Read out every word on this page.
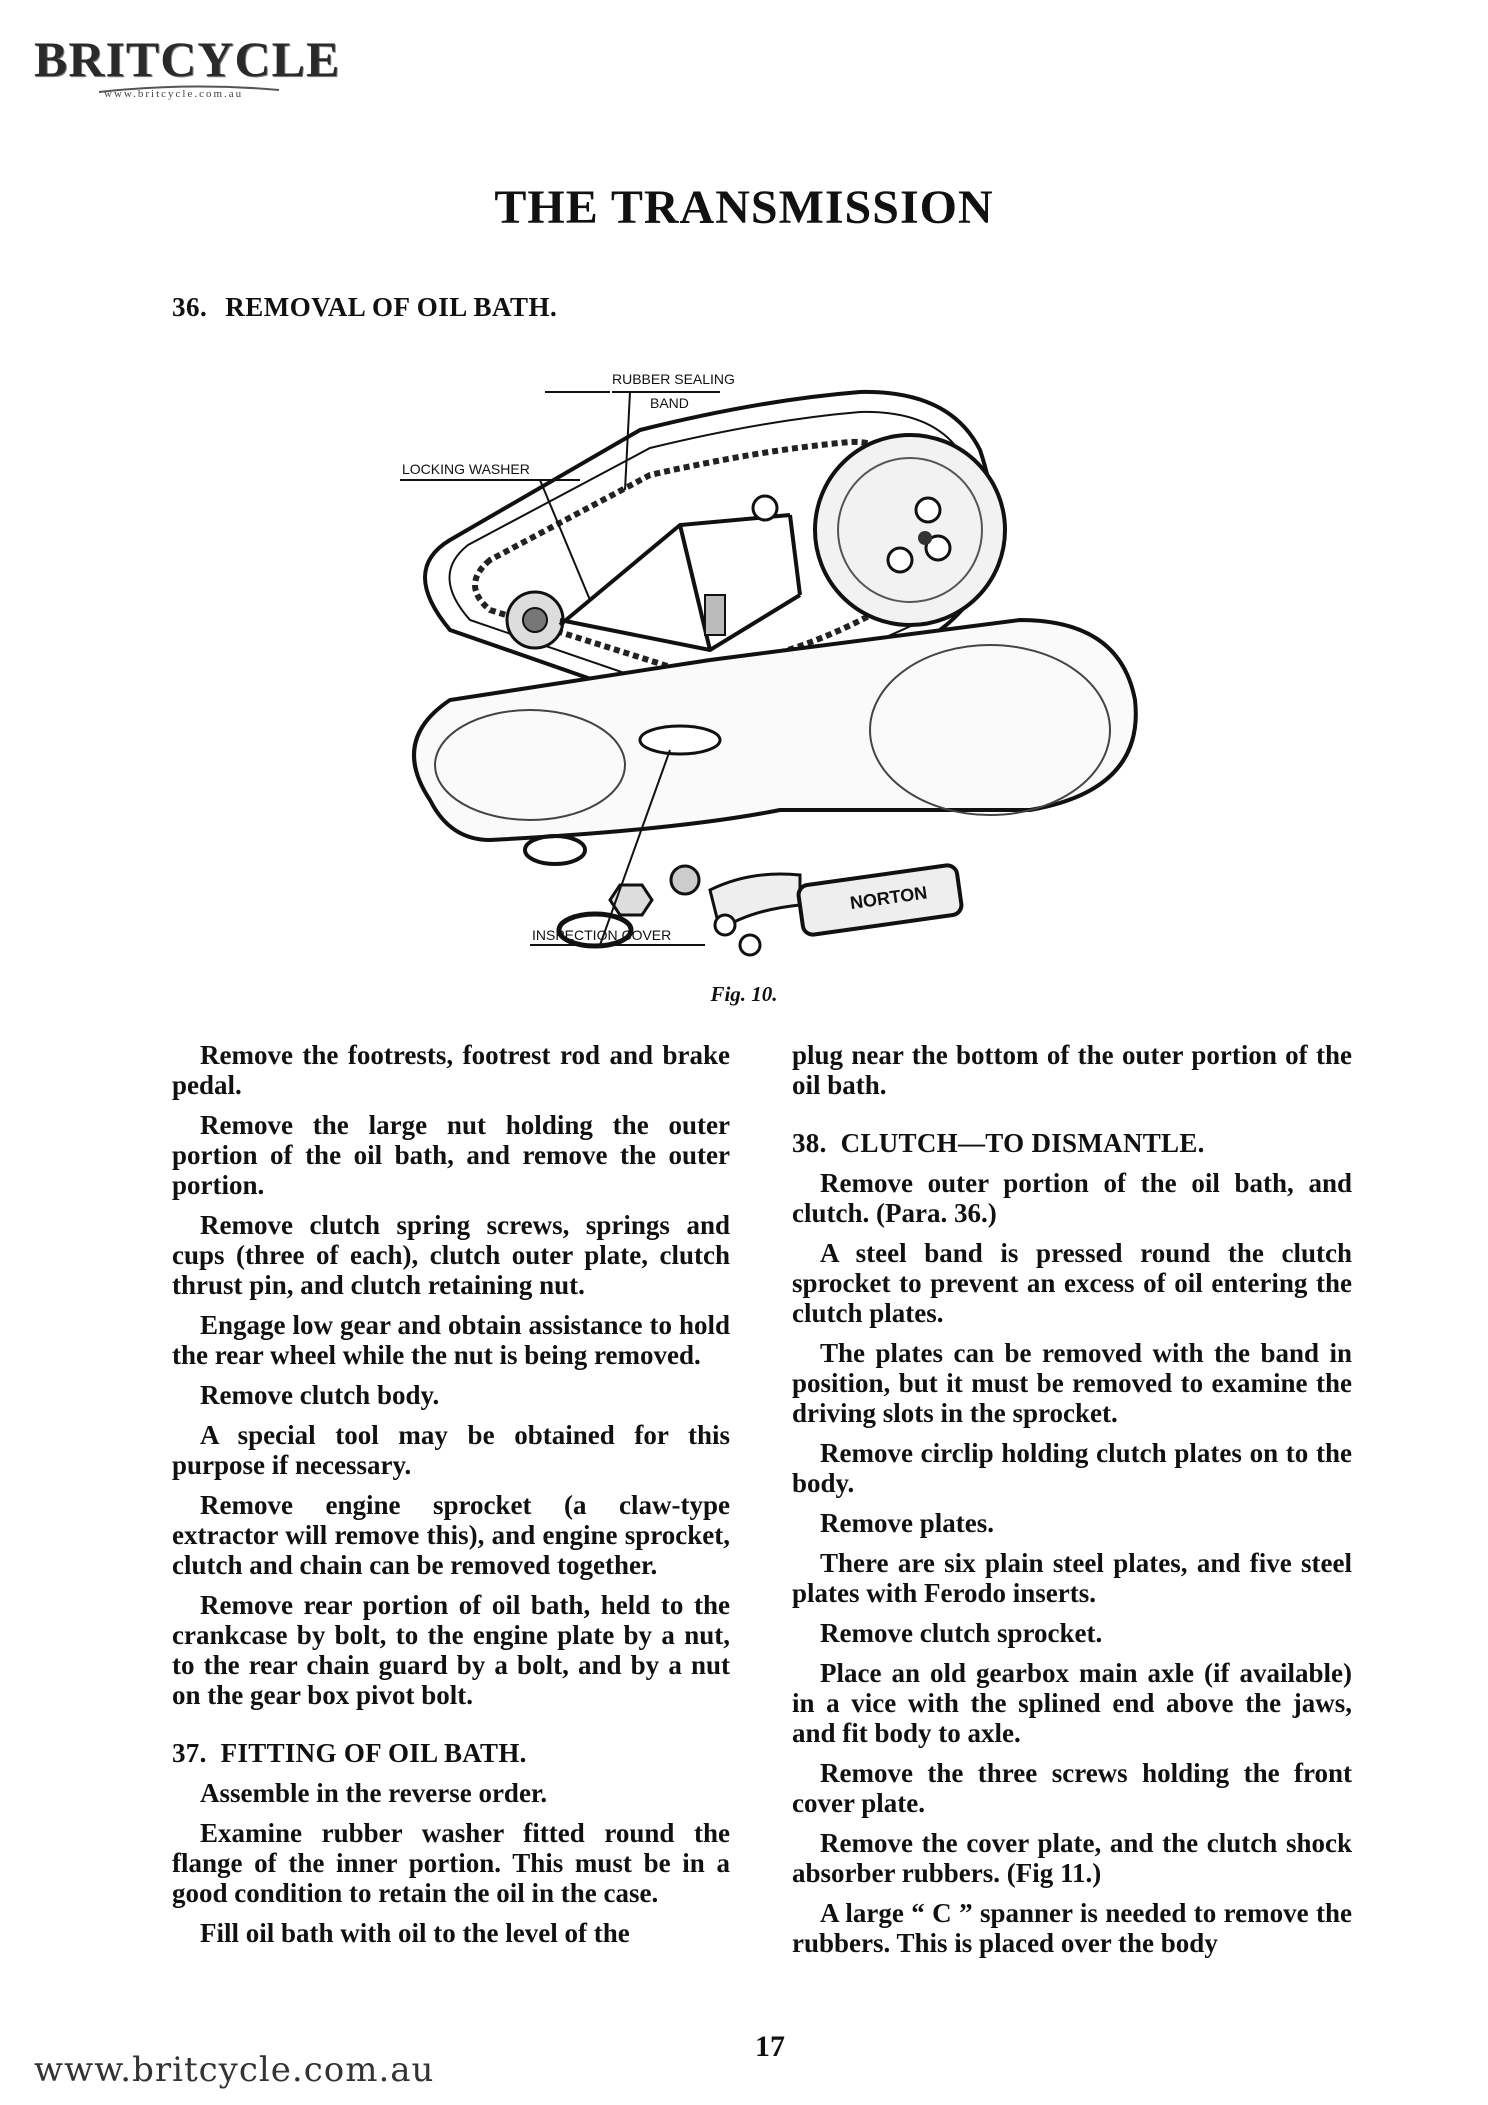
BRITCYCLE
www.britcycle.com.au
THE TRANSMISSION
36. REMOVAL OF OIL BATH.
NORTON
RUBBER SEALING
BAND
LOCKING WASHER
INSPECTION COVER
Fig. 10.

Remove the footrests, footrest rod and brake pedal.

Remove the large nut holding the outer portion of the oil bath, and remove the outer portion.

Remove clutch spring screws, springs and cups (three of each), clutch outer plate, clutch thrust pin, and clutch retaining nut.

Engage low gear and obtain assistance to hold the rear wheel while the nut is being removed.

Remove clutch body.

A special tool may be obtained for this purpose if necessary.

Remove engine sprocket (a claw-type extractor will remove this), and engine sprocket, clutch and chain can be removed together.

Remove rear portion of oil bath, held to the crankcase by bolt, to the engine plate by a nut, to the rear chain guard by a bolt, and by a nut on the gear box pivot bolt.

37. FITTING OF OIL BATH.

Assemble in the reverse order.

Examine rubber washer fitted round the flange of the inner portion. This must be in a good condition to retain the oil in the case.

Fill oil bath with oil to the level of the

plug near the bottom of the outer portion of the oil bath.

38. CLUTCH—TO DISMANTLE.

Remove outer portion of the oil bath, and clutch. (Para. 36.)

A steel band is pressed round the clutch sprocket to prevent an excess of oil entering the clutch plates.

The plates can be removed with the band in position, but it must be removed to examine the driving slots in the sprocket.

Remove circlip holding clutch plates on to the body.

Remove plates.

There are six plain steel plates, and five steel plates with Ferodo inserts.

Remove clutch sprocket.

Place an old gearbox main axle (if available) in a vice with the splined end above the jaws, and fit body to axle.

Remove the three screws holding the front cover plate.

Remove the cover plate, and the clutch shock absorber rubbers. (Fig 11.)

A large “ C ” spanner is needed to remove the rubbers. This is placed over the body

17
www.britcycle.com.au
